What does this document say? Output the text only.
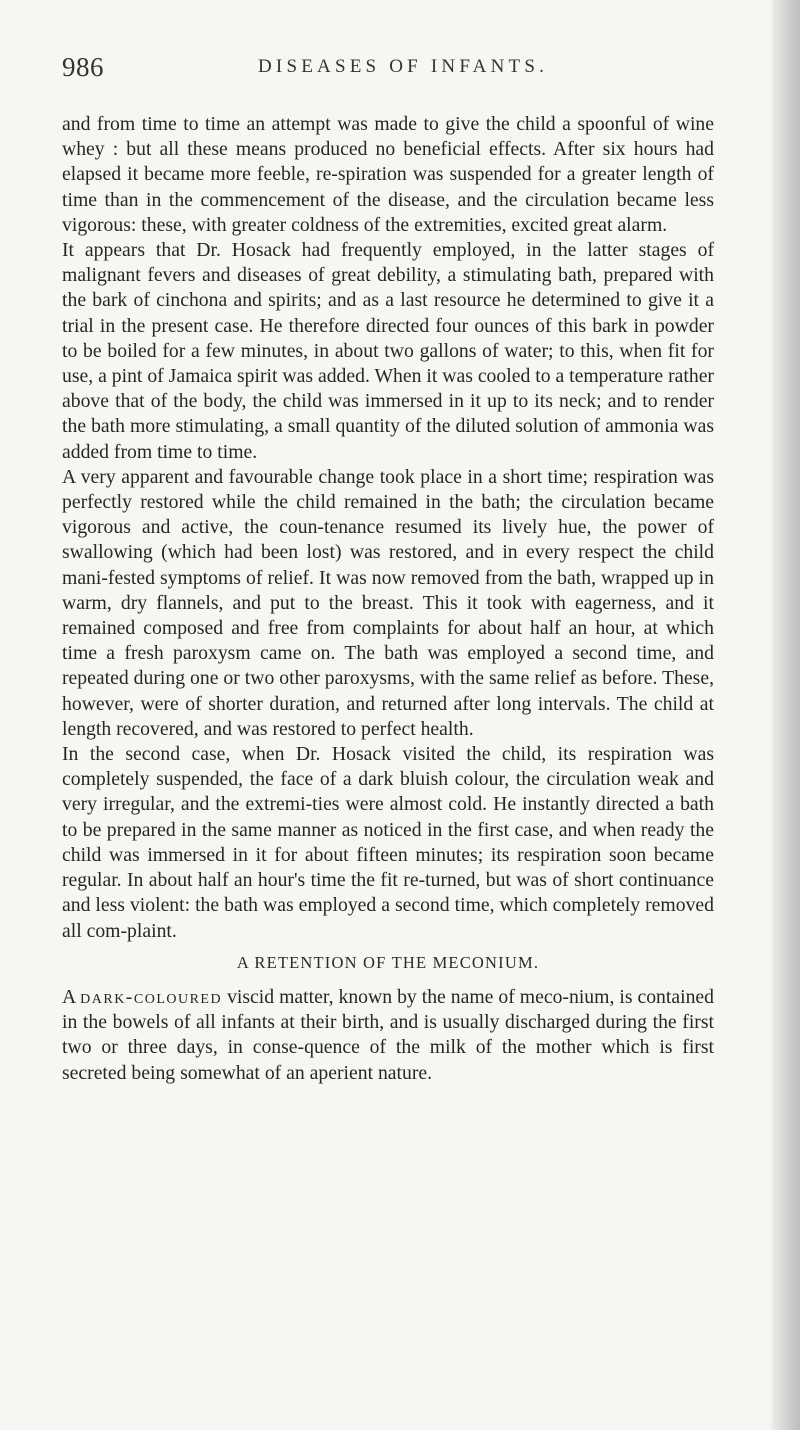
986	DISEASES OF INFANTS.

and from time to time an attempt was made to give the child a spoonful of wine whey : but all these means produced no beneficial effects. After six hours had elapsed it became more feeble, re-spiration was suspended for a greater length of time than in the commencement of the disease, and the circulation became less vigorous: these, with greater coldness of the extremities, excited great alarm.

It appears that Dr. Hosack had frequently employed, in the latter stages of malignant fevers and diseases of great debility, a stimulating bath, prepared with the bark of cinchona and spirits; and as a last resource he determined to give it a trial in the present case. He therefore directed four ounces of this bark in powder to be boiled for a few minutes, in about two gallons of water; to this, when fit for use, a pint of Jamaica spirit was added. When it was cooled to a temperature rather above that of the body, the child was immersed in it up to its neck; and to render the bath more stimulating, a small quantity of the diluted solution of ammonia was added from time to time.

A very apparent and favourable change took place in a short time; respiration was perfectly restored while the child remained in the bath; the circulation became vigorous and active, the coun-tenance resumed its lively hue, the power of swallowing (which had been lost) was restored, and in every respect the child mani-fested symptoms of relief. It was now removed from the bath, wrapped up in warm, dry flannels, and put to the breast. This it took with eagerness, and it remained composed and free from complaints for about half an hour, at which time a fresh paroxysm came on. The bath was employed a second time, and repeated during one or two other paroxysms, with the same relief as before. These, however, were of shorter duration, and returned after long intervals. The child at length recovered, and was restored to perfect health.

In the second case, when Dr. Hosack visited the child, its respiration was completely suspended, the face of a dark bluish colour, the circulation weak and very irregular, and the extremi-ties were almost cold. He instantly directed a bath to be prepared in the same manner as noticed in the first case, and when ready the child was immersed in it for about fifteen minutes; its respiration soon became regular. In about half an hour's time the fit re-turned, but was of short continuance and less violent: the bath was employed a second time, which completely removed all com-plaint.

A RETENTION OF THE MECONIUM.

A dark-coloured viscid matter, known by the name of meco-nium, is contained in the bowels of all infants at their birth, and is usually discharged during the first two or three days, in conse-quence of the milk of the mother which is first secreted being somewhat of an aperient nature.
